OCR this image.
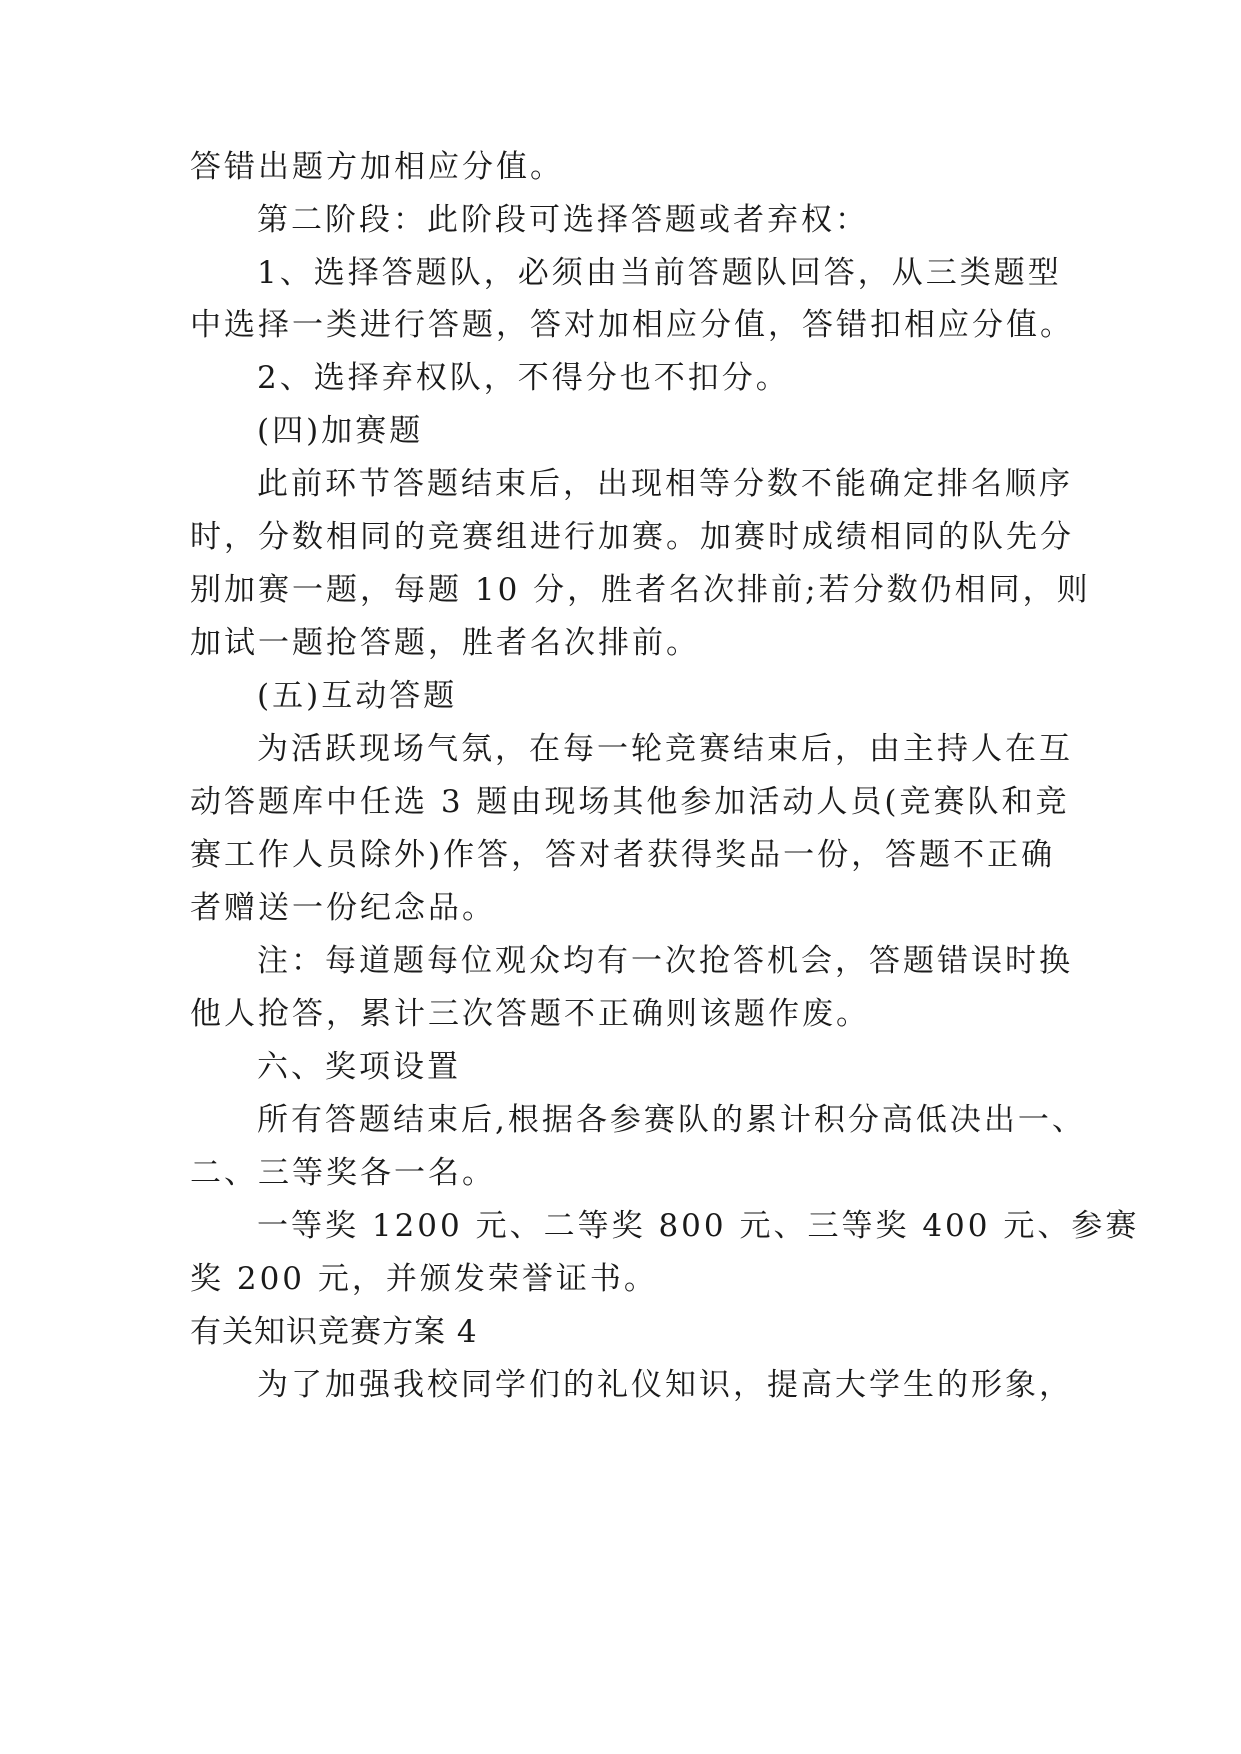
答错出题方加相应分值。
第二阶段：此阶段可选择答题或者弃权：
1、选择答题队，必须由当前答题队回答，从三类题型
中选择一类进行答题，答对加相应分值，答错扣相应分值。
2、选择弃权队，不得分也不扣分。
(四)加赛题
此前环节答题结束后，出现相等分数不能确定排名顺序
时，分数相同的竞赛组进行加赛。加赛时成绩相同的队先分
别加赛一题，每题 10 分，胜者名次排前;若分数仍相同，则
加试一题抢答题，胜者名次排前。
(五)互动答题
为活跃现场气氛，在每一轮竞赛结束后，由主持人在互
动答题库中任选 3 题由现场其他参加活动人员(竞赛队和竞
赛工作人员除外)作答，答对者获得奖品一份，答题不正确
者赠送一份纪念品。
注：每道题每位观众均有一次抢答机会，答题错误时换
他人抢答，累计三次答题不正确则该题作废。
六、奖项设置
所有答题结束后,根据各参赛队的累计积分高低决出一、
二、三等奖各一名。
一等奖 1200 元、二等奖 800 元、三等奖 400 元、参赛
奖 200 元，并颁发荣誉证书。
有关知识竞赛方案 4
为了加强我校同学们的礼仪知识，提高大学生的形象，
